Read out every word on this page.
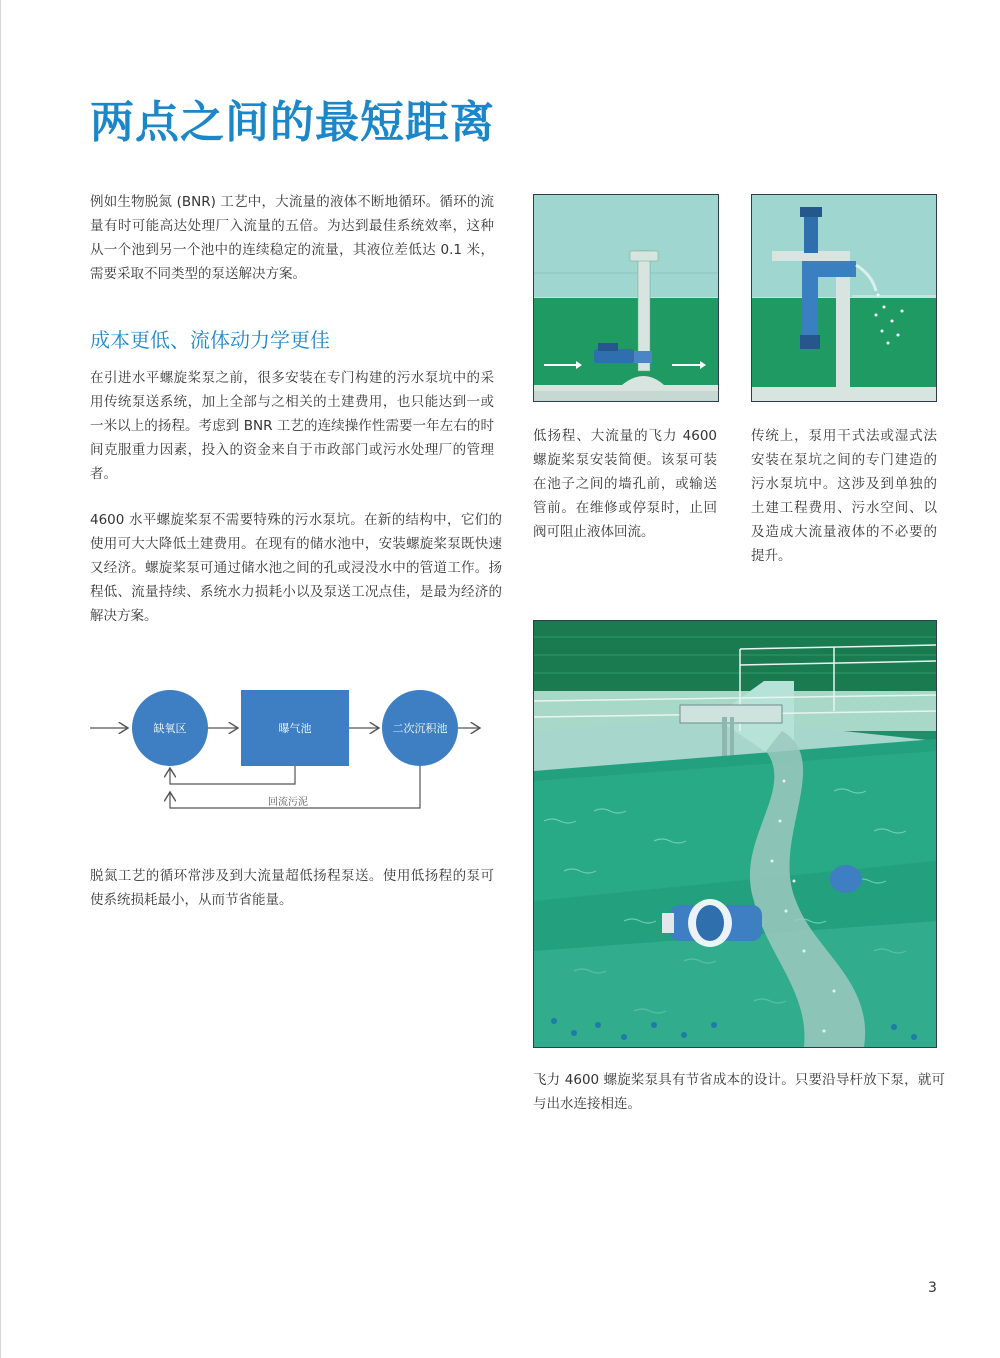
两点之间的最短距离
例如生物脱氮 (BNR) 工艺中，大流量的液体不断地循环。循环的流量有时可能高达处理厂入流量的五倍。为达到最佳系统效率，这种从一个池到另一个池中的连续稳定的流量，其液位差低达 0.1 米，需要采取不同类型的泵送解决方案。
成本更低、流体动力学更佳
在引进水平螺旋桨泵之前，很多安装在专门构建的污水泵坑中的采用传统泵送系统，加上全部与之相关的土建费用，也只能达到一或一米以上的扬程。考虑到 BNR 工艺的连续操作性需要一年左右的时间克服重力因素，投入的资金来自于市政部门或污水处理厂的管理者。
4600 水平螺旋桨泵不需要特殊的污水泵坑。在新的结构中，它们的使用可大大降低土建费用。在现有的储水池中，安装螺旋桨泵既快速又经济。螺旋桨泵可通过储水池之间的孔或浸没水中的管道工作。扬程低、流量持续、系统水力损耗小以及泵送工况点佳，是最为经济的解决方案。
缺氧区	曝气池	二次沉积池
回流污泥
脱氮工艺的循环常涉及到大流量超低扬程泵送。使用低扬程的泵可使系统损耗最小，从而节省能量。
低扬程、大流量的飞力 4600 螺旋桨泵安装简便。该泵可装在池子之间的墙孔前，或输送管前。在维修或停泵时，止回阀可阻止液体回流。
传统上，泵用干式法或湿式法安装在泵坑之间的专门建造的污水泵坑中。这涉及到单独的土建工程费用、污水空间、以及造成大流量液体的不必要的提升。
飞力 4600 螺旋桨泵具有节省成本的设计。只要沿导杆放下泵，就可与出水连接相连。
3
